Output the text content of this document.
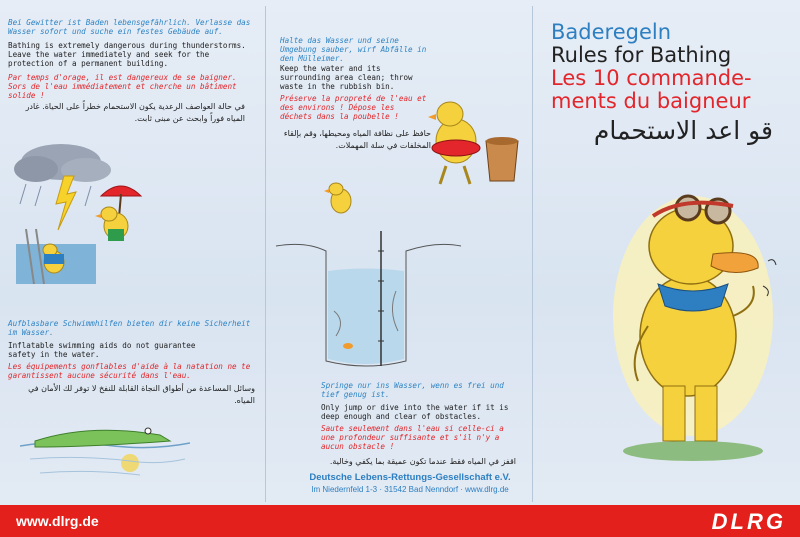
Bei Gewitter ist Baden lebensgefährlich. Verlasse das Wasser sofort und suche ein festes Gebäude auf.
Bathing is extremely dangerous during thunderstorms. Leave the water immediately and seek for the protection of a permanent building.
Par temps d'orage, il est dangereux de se baigner. Sors de l'eau immédiatement et cherche un bâtiment solide !
في حالة العواصف الرعدية يكون الاستحمام خطراً على الحياة. غادر المياه فوراً وابحث عن مبنى ثابت.
Aufblasbare Schwimmhilfen bieten dir keine Sicherheit im Wasser.
Inflatable swimming aids do not guarantee safety in the water.
Les équipements gonflables d'aide à la natation ne te garantissent aucune sécurité dans l'eau.
وسائل المساعدة من أطواق النجاة القابلة للنفخ لا توفر لك الأمان في المياه.
Halte das Wasser und seine Umgebung sauber, wirf Abfälle in den Mülleimer.
Keep the water and its surrounding area clean; throw waste in the rubbish bin.
Préserve la propreté de l'eau et des environs ! Dépose les déchets dans la poubelle !
حافظ على نظافة المياه ومحيطها، وقم بإلقاء المخلفات في سلة المهملات.
Springe nur ins Wasser, wenn es frei und tief genug ist.
Only jump or dive into the water if it is deep enough and clear of obstacles.
Saute seulement dans l'eau si celle-ci a une profondeur suffisante et s'il n'y a aucun obstacle !
اقفز في المياه فقط عندما تكون عميقة بما يكفي وخالية.
Deutsche Lebens-Rettungs-Gesellschaft e.V.
Im Niedernfeld 1-3 · 31542 Bad Nenndorf · www.dlrg.de
Baderegeln
Rules for Bathing
Les 10 commande-ments du baigneur
قو اعد الاستحمام
www.dlrg.de	DLRG
